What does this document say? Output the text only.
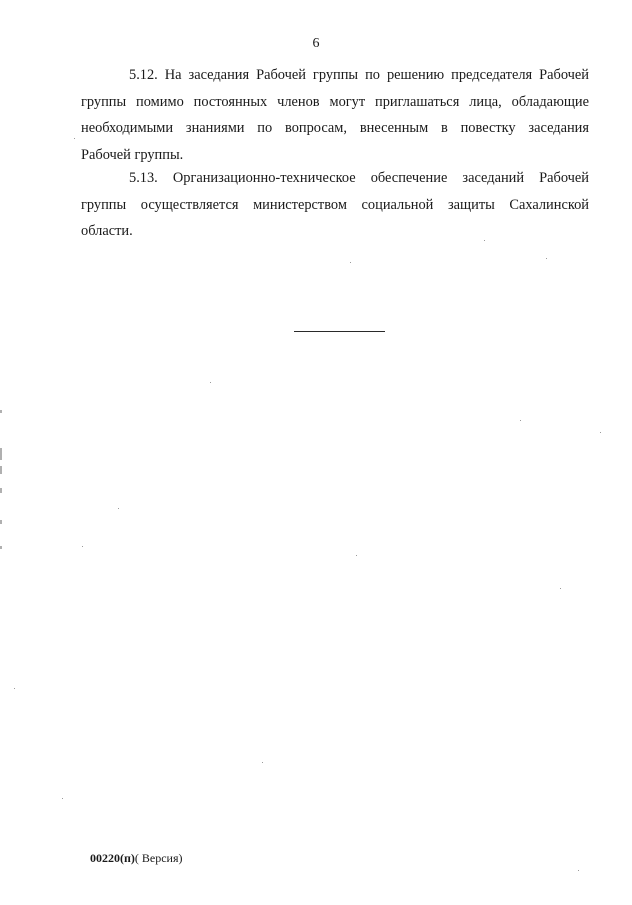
6
5.12. На заседания Рабочей группы по решению председателя Рабочей
группы помимо постоянных членов могут приглашаться лица, обладающие
необходимыми знаниями по вопросам, внесенным в повестку заседания
Рабочей группы.
5.13. Организационно-техническое обеспечение заседаний Рабочей
группы осуществляется министерством социальной защиты Сахалинской
области.
00220(п)( Версия)
